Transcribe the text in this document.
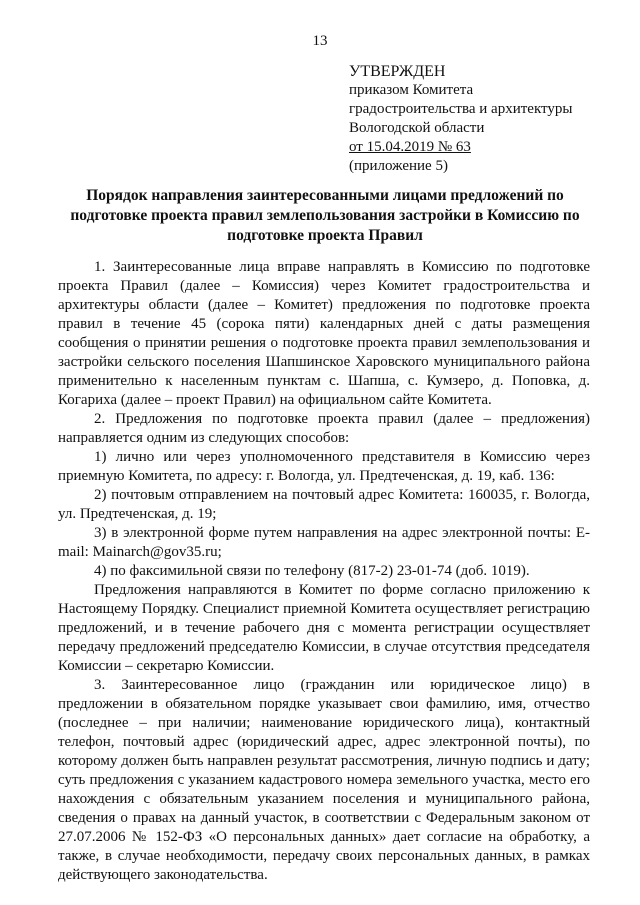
13
УТВЕРЖДЕН
приказом Комитета
градостроительства и архитектуры
Вологодской области
от 15.04.2019 № 63
(приложение 5)
Порядок направления заинтересованными лицами предложений по подготовке проекта правил землепользования застройки в Комиссию по подготовке проекта Правил

1. Заинтересованные лица вправе направлять в Комиссию по подготовке проекта Правил (далее – Комиссия) через Комитет градостроительства и архитектуры области (далее – Комитет) предложения по подготовке проекта правил в течение 45 (сорока пяти) календарных дней с даты размещения сообщения о принятии решения о подготовке проекта правил землепользования и застройки сельского поселения Шапшинское Харовского муниципального района применительно к населенным пунктам с. Шапша, с. Кумзеро, д. Поповка, д. Когариха (далее – проект Правил) на официальном сайте Комитета.

2. Предложения по подготовке проекта правил (далее – предложения) направляется одним из следующих способов:

1) лично или через уполномоченного представителя в Комиссию через приемную Комитета, по адресу: г. Вологда, ул. Предтеченская, д. 19, каб. 136:

2) почтовым отправлением на почтовый адрес Комитета: 160035, г. Вологда, ул. Предтеченская, д. 19;

3) в электронной форме путем направления на адрес электронной почты: E-mail: Mainarch@gov35.ru;

4) по факсимильной связи по телефону (817-2) 23-01-74 (доб. 1019).

Предложения направляются в Комитет по форме согласно приложению к Настоящему Порядку. Специалист приемной Комитета осуществляет регистрацию предложений, и в течение рабочего дня с момента регистрации осуществляет передачу предложений председателю Комиссии, в случае отсутствия председателя Комиссии – секретарю Комиссии.

3. Заинтересованное лицо (гражданин или юридическое лицо) в предложении в обязательном порядке указывает свои фамилию, имя, отчество (последнее – при наличии; наименование юридического лица), контактный телефон, почтовый адрес (юридический адрес, адрес электронной почты), по которому должен быть направлен результат рассмотрения, личную подпись и дату; суть предложения с указанием кадастрового номера земельного участка, место его нахождения с обязательным указанием поселения и муниципального района, сведения о правах на данный участок, в соответствии с Федеральным законом от 27.07.2006 № 152-ФЗ «О персональных данных» дает согласие на обработку, а также, в случае необходимости, передачу своих персональных данных, в рамках действующего законодательства.
